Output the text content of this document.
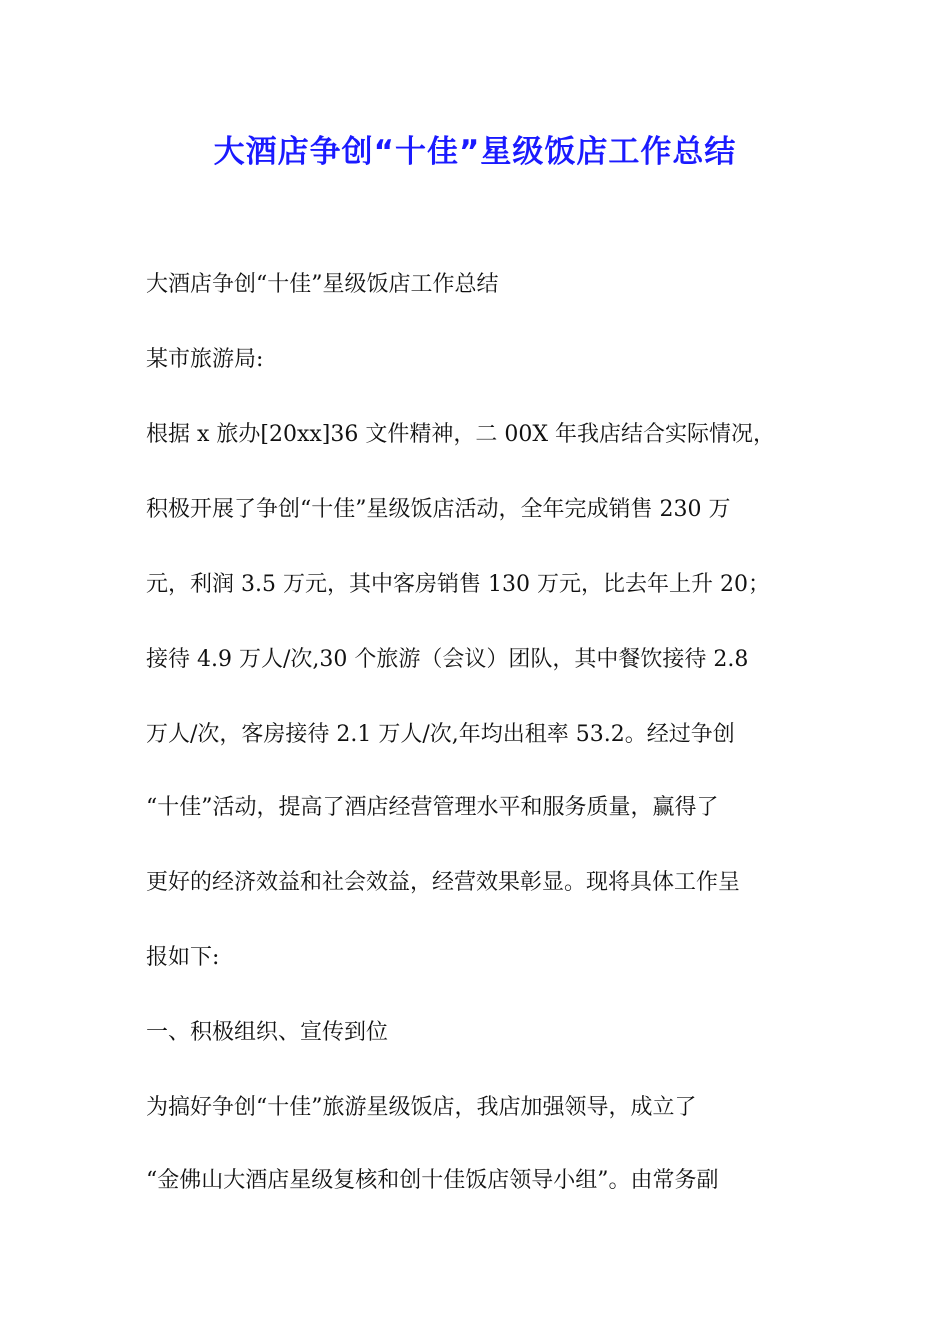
大酒店争创“十佳”星级饭店工作总结
大酒店争创“十佳”星级饭店工作总结
某市旅游局:
根据 x 旅办[20xx]36 文件精神，二 00X 年我店结合实际情况，
积极开展了争创“十佳”星级饭店活动，全年完成销售 230 万
元，利润 3.5 万元，其中客房销售 130 万元，比去年上升 20；
接待 4.9 万人/次,30 个旅游（会议）团队，其中餐饮接待 2.8
万人/次，客房接待 2.1 万人/次,年均出租率 53.2。经过争创
“十佳”活动，提高了酒店经营管理水平和服务质量，赢得了
更好的经济效益和社会效益，经营效果彰显。现将具体工作呈
报如下:
一、积极组织、宣传到位
为搞好争创“十佳”旅游星级饭店，我店加强领导，成立了
“金佛山大酒店星级复核和创十佳饭店领导小组”。由常务副
